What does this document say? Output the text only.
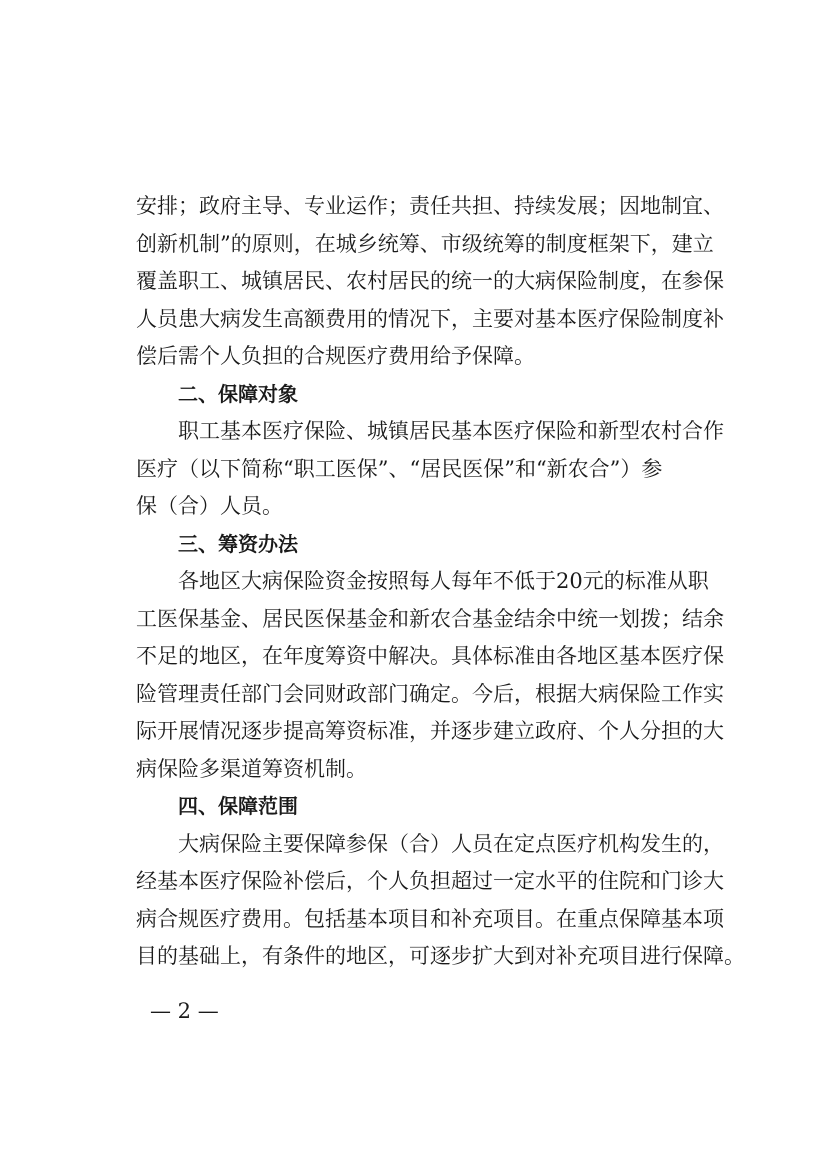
安排；政府主导、专业运作；责任共担、持续发展；因地制宜、
创新机制”的原则，在城乡统筹、市级统筹的制度框架下，建立
覆盖职工、城镇居民、农村居民的统一的大病保险制度，在参保
人员患大病发生高额费用的情况下，主要对基本医疗保险制度补
偿后需个人负担的合规医疗费用给予保障。

二、保障对象

职工基本医疗保险、城镇居民基本医疗保险和新型农村合作
医疗（以下简称“职工医保”、“居民医保”和“新农合”）参
保（合）人员。

三、筹资办法

各地区大病保险资金按照每人每年不低于20元的标准从职
工医保基金、居民医保基金和新农合基金结余中统一划拨；结余
不足的地区，在年度筹资中解决。具体标准由各地区基本医疗保
险管理责任部门会同财政部门确定。今后，根据大病保险工作实
际开展情况逐步提高筹资标准，并逐步建立政府、个人分担的大
病保险多渠道筹资机制。

四、保障范围

大病保险主要保障参保（合）人员在定点医疗机构发生的，
经基本医疗保险补偿后，个人负担超过一定水平的住院和门诊大
病合规医疗费用。包括基本项目和补充项目。在重点保障基本项
目的基础上，有条件的地区，可逐步扩大到对补充项目进行保障。

— 2 —
